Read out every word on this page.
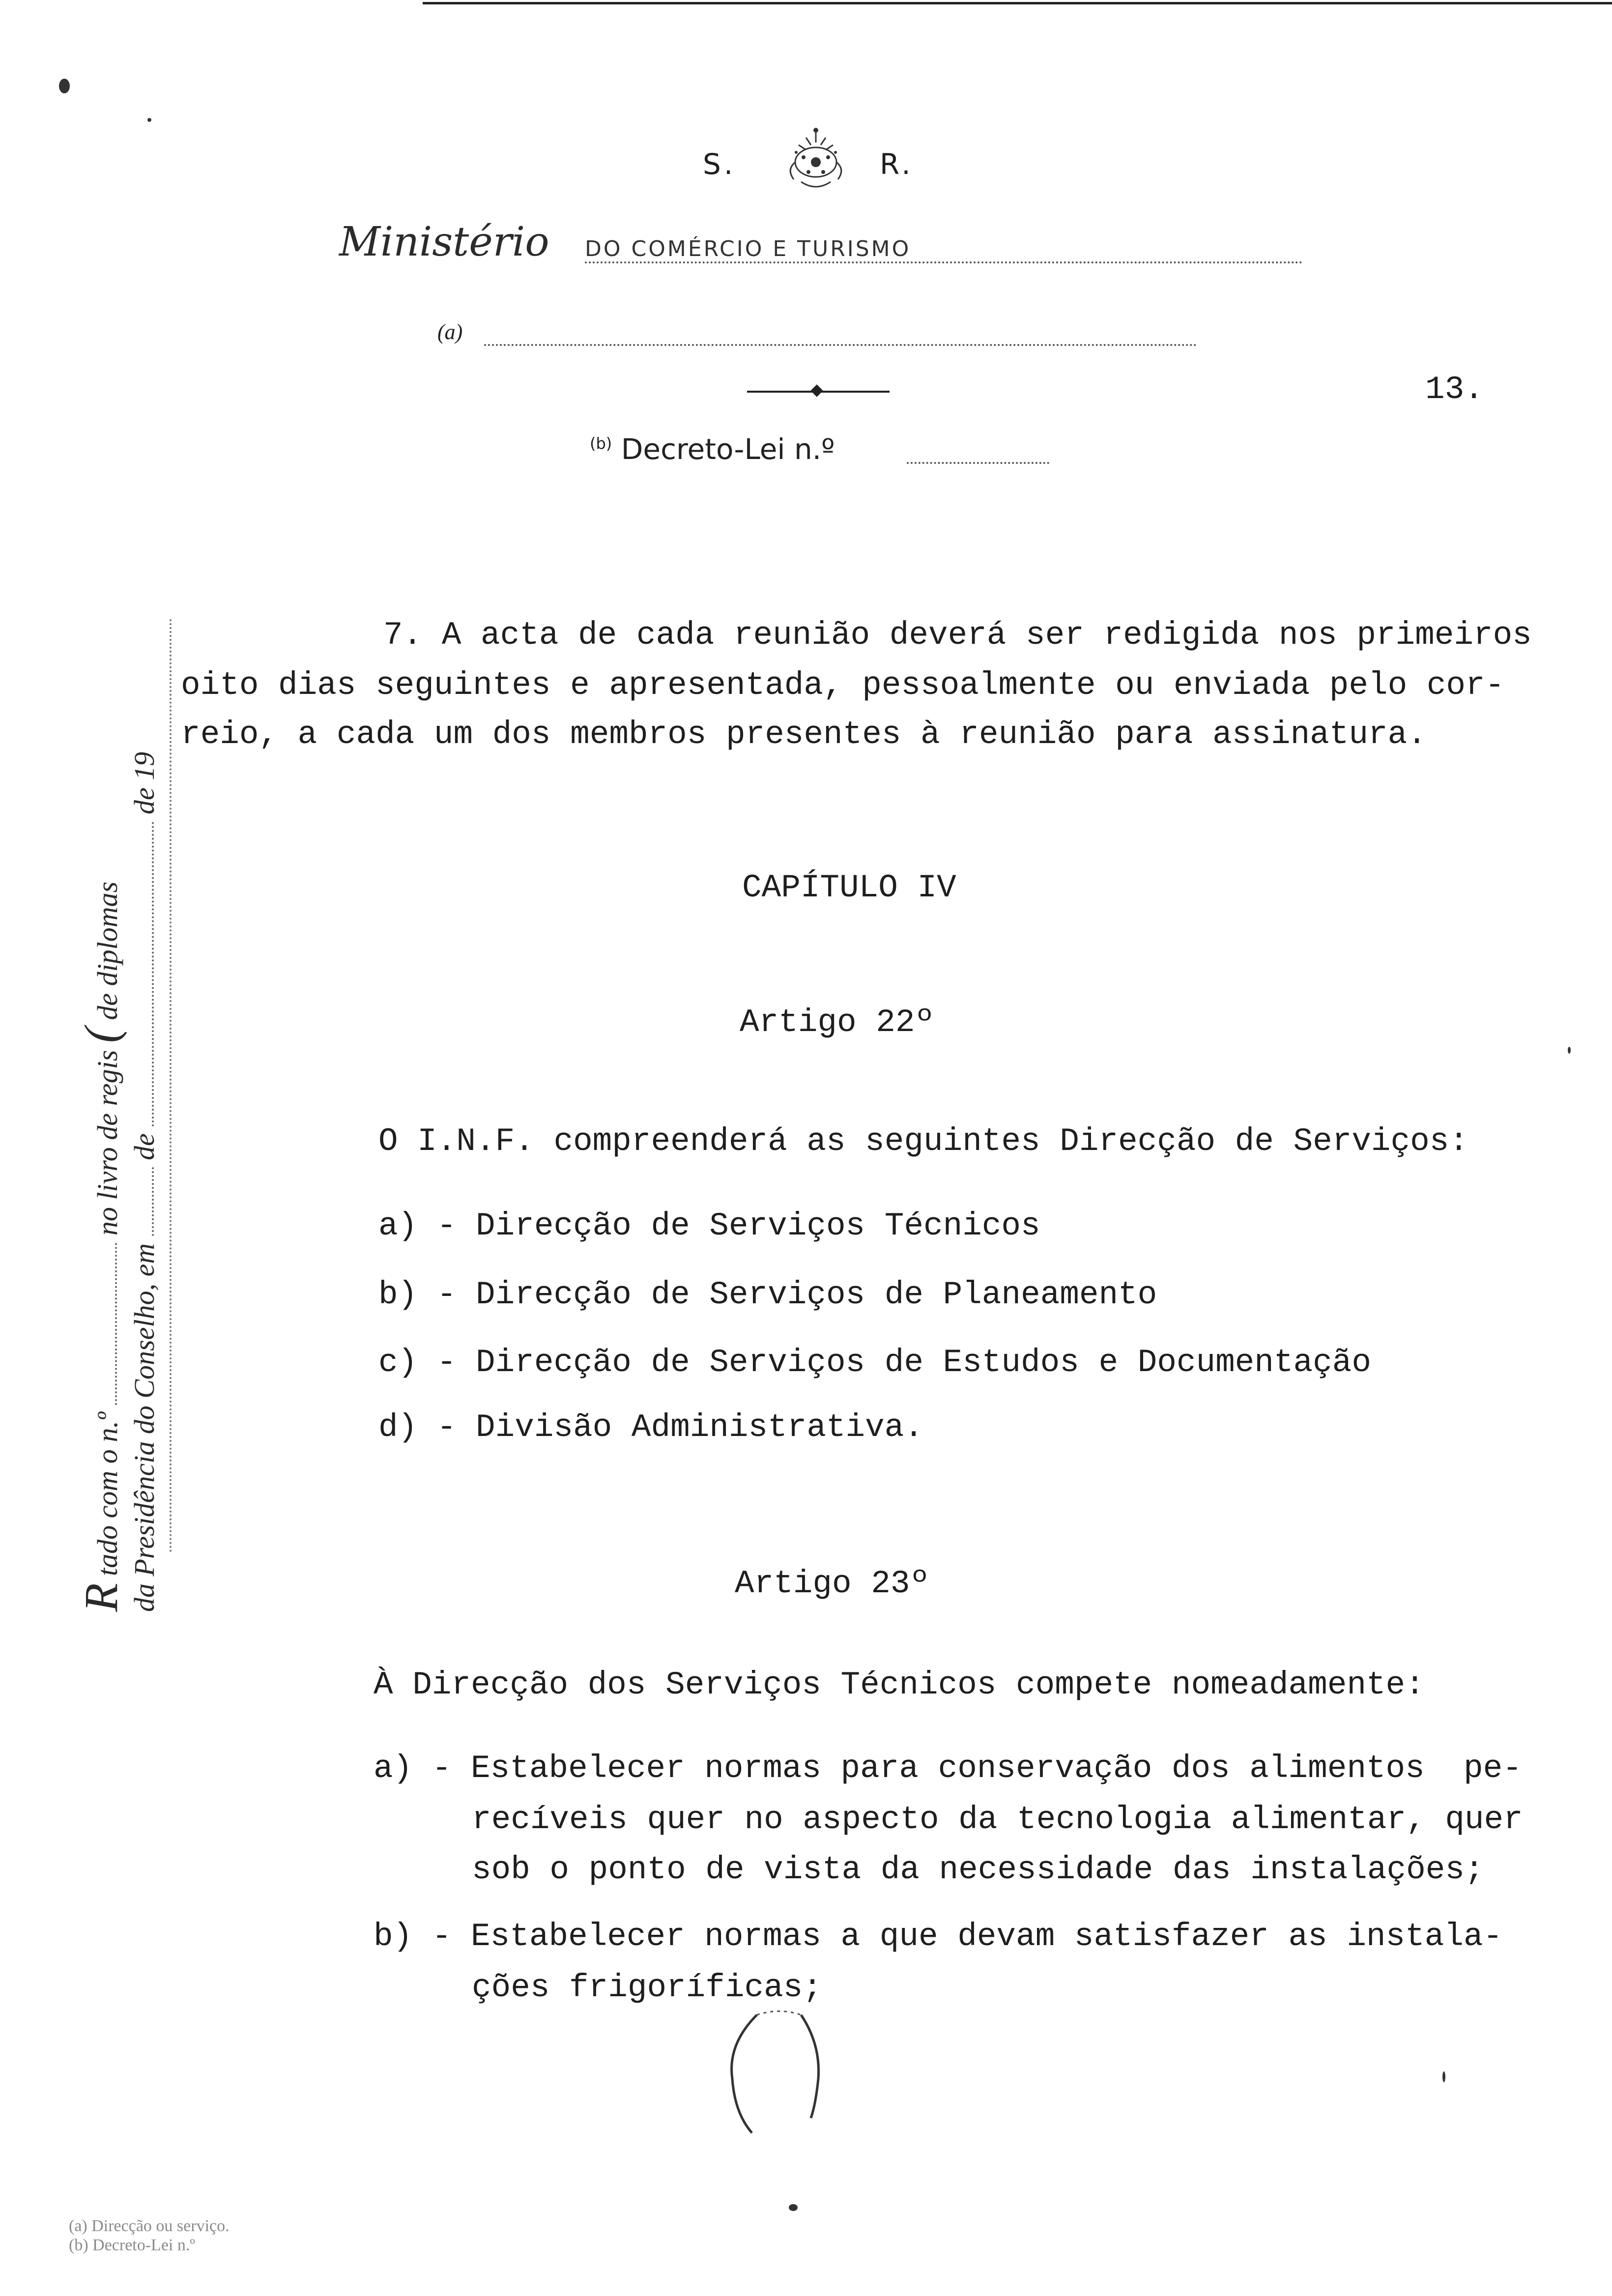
S.	R.
Ministério DO COMÉRCIO E TURISMO
(a)
13.
$^{(b)}$ Decreto-Lei n.º
R tado com o n.º  no livro de regis ( de diplomas
da Presidência do Conselho, em  de  de 19
7. A acta de cada reunião deverá ser redigida nos primeiros
oito dias seguintes e apresentada, pessoalmente ou enviada pelo cor-
reio, a cada um dos membros presentes à reunião para assinatura.
CAPÍTULO IV
Artigo 22º
O I.N.F. compreenderá as seguintes Direcção de Serviços:
a) - Direcção de Serviços Técnicos
b) - Direcção de Serviços de Planeamento
c) - Direcção de Serviços de Estudos e Documentação
d) - Divisão Administrativa.
Artigo 23º
À Direcção dos Serviços Técnicos compete nomeadamente:
a) - Estabelecer normas para conservação dos alimentos  pe-
recíveis quer no aspecto da tecnologia alimentar, quer
sob o ponto de vista da necessidade das instalações;
b) - Estabelecer normas a que devam satisfazer as instala-
ções frigoríficas;
(a) Direcção ou serviço.
(b) Decreto-Lei n.º
